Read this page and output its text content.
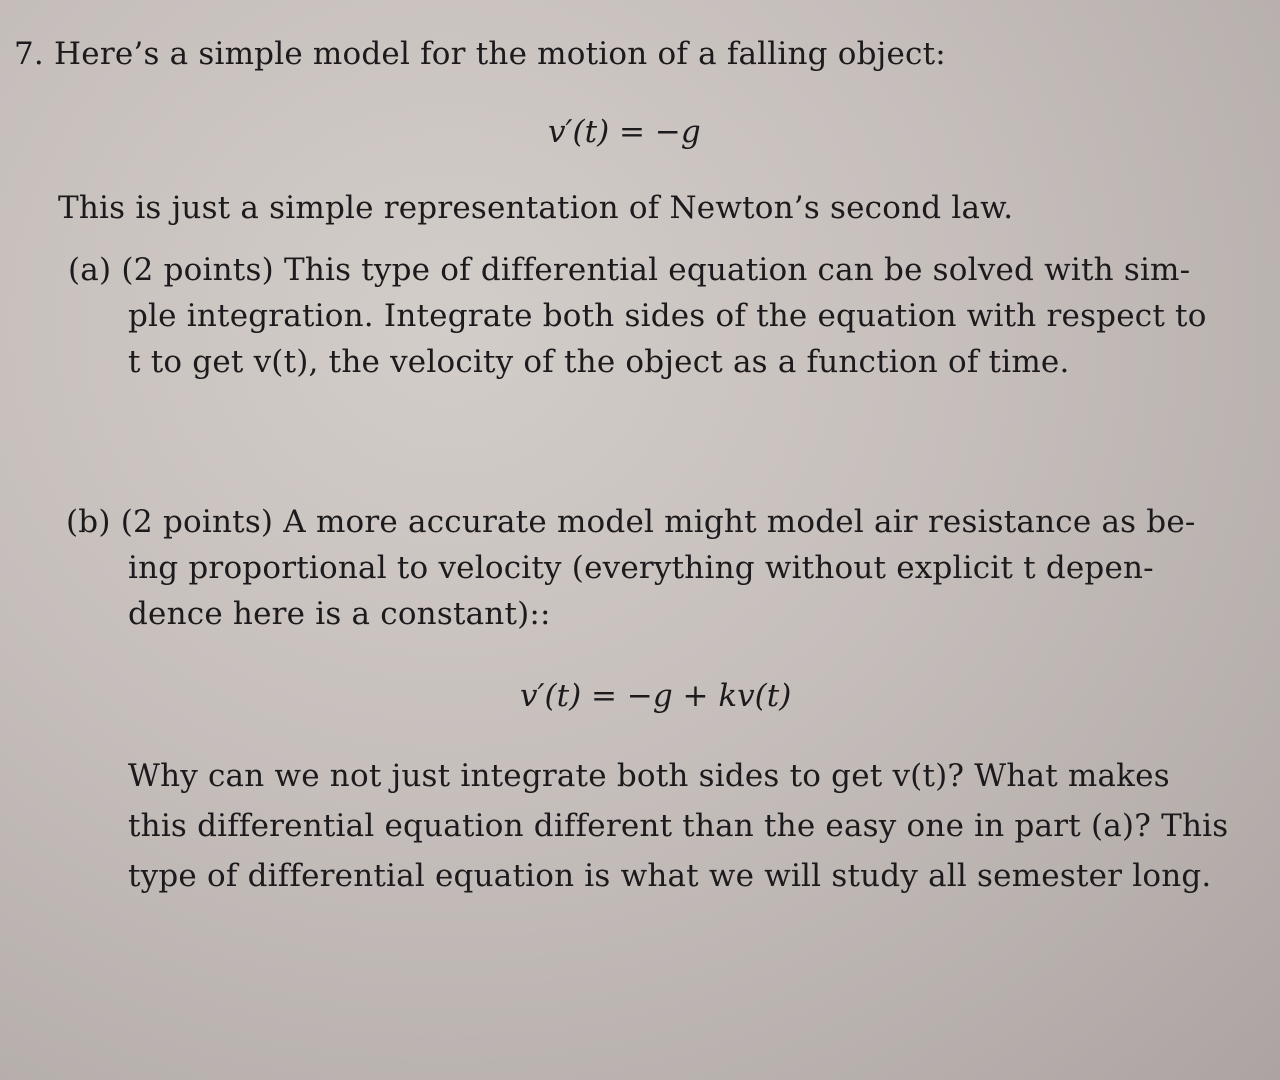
7. Here’s a simple model for the motion of a falling object:
v′(t) = −g
This is just a simple representation of Newton’s second law.
(a) (2 points) This type of differential equation can be solved with sim-
ple integration. Integrate both sides of the equation with respect to
t to get v(t), the velocity of the object as a function of time.
(b) (2 points) A more accurate model might model air resistance as be-
ing proportional to velocity (everything without explicit t depen-
dence here is a constant)::
v′(t) = −g + kv(t)
Why can we not just integrate both sides to get v(t)? What makes
this differential equation different than the easy one in part (a)? This
type of differential equation is what we will study all semester long.
